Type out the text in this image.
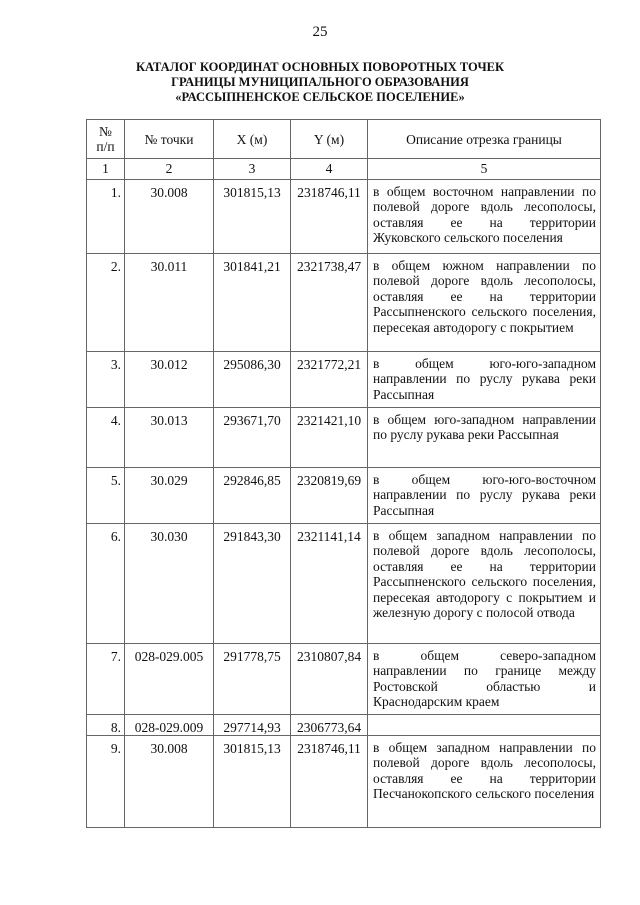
25
КАТАЛОГ КООРДИНАТ ОСНОВНЫХ ПОВОРОТНЫХ ТОЧЕК
ГРАНИЦЫ МУНИЦИПАЛЬНОГО ОБРАЗОВАНИЯ
«РАССЫПНЕНСКОЕ СЕЛЬСКОЕ ПОСЕЛЕНИЕ»
№
п/п	№ точки	X (м)	Y (м)	Описание отрезка границы
1	2	3	4	5
1.	30.008	301815,13	2318746,11	в общем восточном направлении по полевой дороге вдоль лесополосы, оставляя ее на территории Жуковского сельского поселения
2.	30.011	301841,21	2321738,47	в общем южном направлении по полевой дороге вдоль лесополосы, оставляя ее на территории Рассыпненского сельского поселения, пересекая автодорогу с покрытием
3.	30.012	295086,30	2321772,21	в общем юго-юго-западном направлении по руслу рукава реки Рассыпная
4.	30.013	293671,70	2321421,10	в общем юго-западном направлении по руслу рукава реки Рассыпная
5.	30.029	292846,85	2320819,69	в общем юго-юго-восточном направлении по руслу рукава реки Рассыпная
6.	30.030	291843,30	2321141,14	в общем западном направлении по полевой дороге вдоль лесополосы, оставляя ее на территории Рассыпненского сельского поселения, пересекая автодорогу с покрытием и железную дорогу с полосой отвода
7.	028-029.005	291778,75	2310807,84	в общем северо-западном направлении по границе между Ростовской областью и Краснодарским краем
8.	028-029.009	297714,93	2306773,64	
9.	30.008	301815,13	2318746,11	в общем западном направлении по полевой дороге вдоль лесополосы, оставляя ее на территории Песчанокопского сельского поселения
